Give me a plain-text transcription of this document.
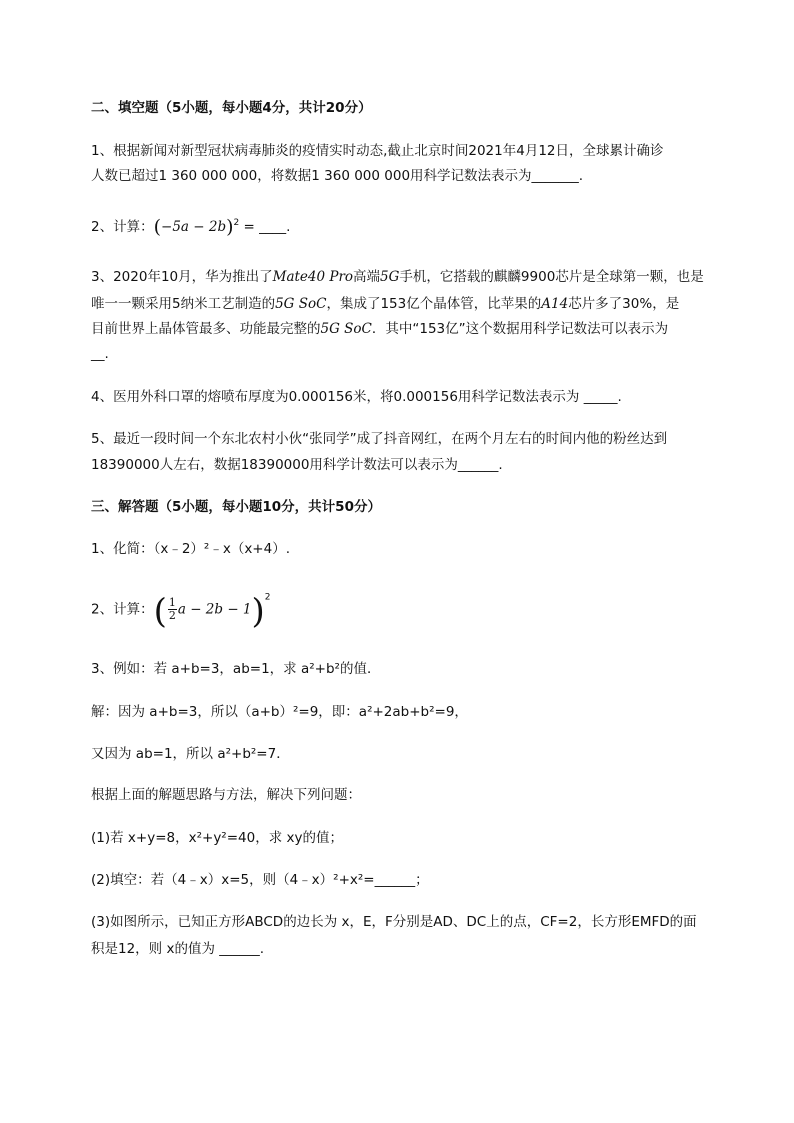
二、填空题（5小题，每小题4分，共计20分）
1、根据新闻对新型冠状病毒肺炎的疫情实时动态,截止北京时间2021年4月12日，全球累计确诊
人数已超过1 360 000 000，将数据1 360 000 000用科学记数法表示为_______.
2、计算：$(-5a - 2b)^2$ = ____.
3、2020年10月，华为推出了Mate40 Pro高端5G手机，它搭载的麒麟9900芯片是全球第一颗，也是
唯一一颗采用5纳米工艺制造的5G SoC，集成了153亿个晶体管，比苹果的A14芯片多了30%，是
目前世界上晶体管最多、功能最完整的5G SoC．其中“153亿”这个数据用科学记数法可以表示为
__.
4、医用外科口罩的熔喷布厚度为0.000156米，将0.000156用科学记数法表示为 _____.
5、最近一段时间一个东北农村小伙“张同学”成了抖音网红，在两个月左右的时间内他的粉丝达到
18390000人左右，数据18390000用科学计数法可以表示为______.
三、解答题（5小题，每小题10分，共计50分）
1、化简：（x﹣2）²﹣x（x+4）.
2、计算：( $\frac{1}{2}$ a − 2b − 1)$^2$
3、例如：若 a+b=3，ab=1，求 a²+b²的值．
解：因为 a+b=3，所以（a+b）²=9，即：a²+2ab+b²=9，
又因为 ab=1，所以 a²+b²=7．
根据上面的解题思路与方法，解决下列问题：
(1)若 x+y=8，x²+y²=40，求 xy的值；
(2)填空：若（4﹣x）x=5，则（4﹣x）²+x²=______；
(3)如图所示，已知正方形ABCD的边长为 x，E，F分别是AD、DC上的点，CF=2，长方形EMFD的面
积是12，则 x的值为 ______.
